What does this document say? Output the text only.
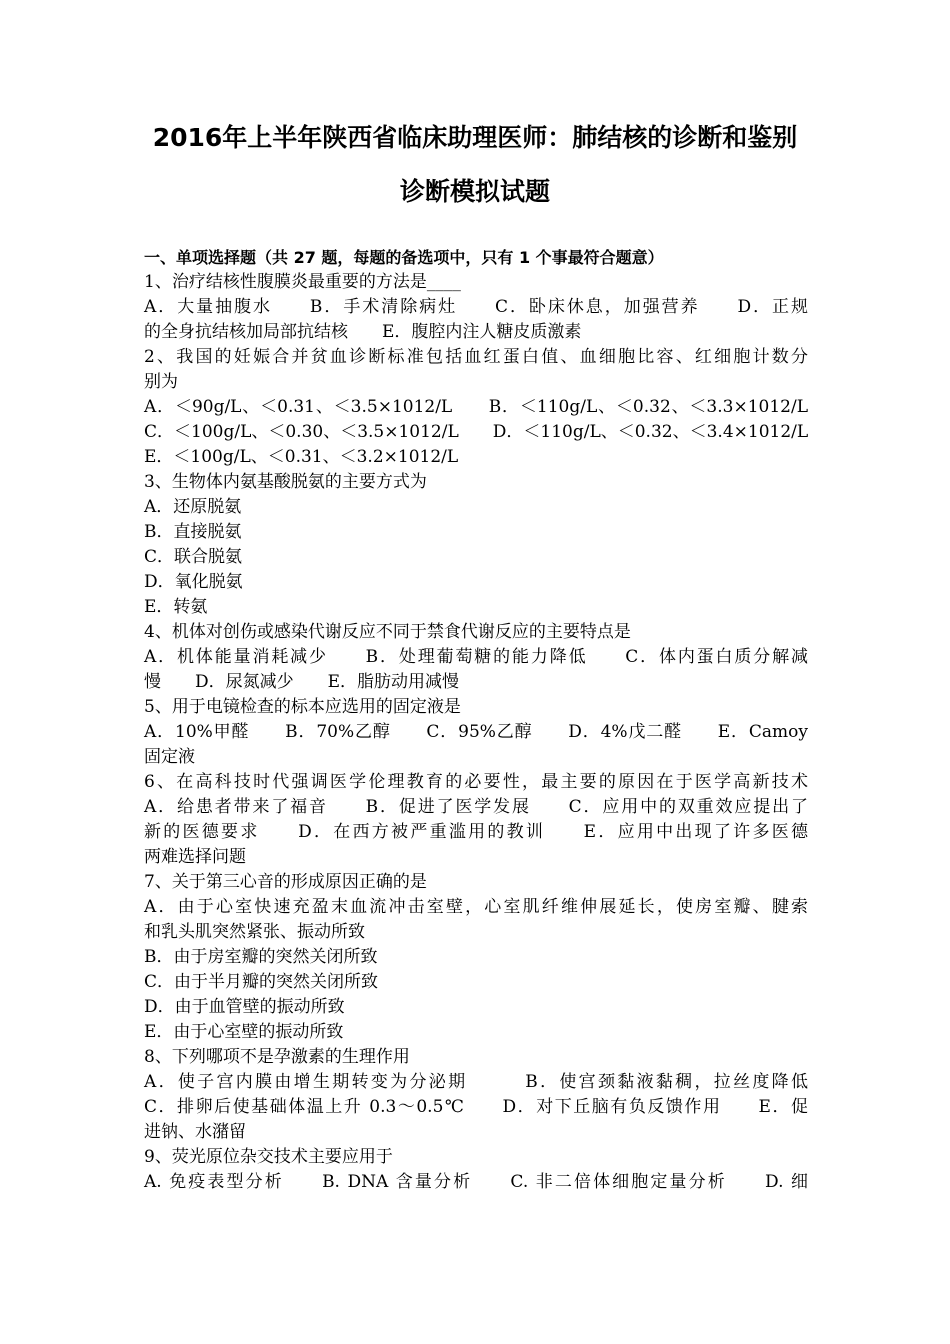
2016年上半年陕西省临床助理医师：肺结核的诊断和鉴别
诊断模拟试题
一、单项选择题（共 27 题，每题的备选项中，只有 1 个事最符合题意）
1、治疗结核性腹膜炎最重要的方法是____
A．大量抽腹水　　B．手术清除病灶　　C．卧床休息，加强营养　　D．正规
的全身抗结核加局部抗结核　　E．腹腔内注人糖皮质激素
2、我国的妊娠合并贫血诊断标准包括血红蛋白值、血细胞比容、红细胞计数分
别为
A．＜90g/L、＜0.31、＜3.5×1012/L　　B．＜110g/L、＜0.32、＜3.3×1012/L
C．＜100g/L、＜0.30、＜3.5×1012/L　　D．＜110g/L、＜0.32、＜3.4×1012/L
E．＜100g/L、＜0.31、＜3.2×1012/L
3、生物体内氨基酸脱氨的主要方式为
A．还原脱氨
B．直接脱氨
C．联合脱氨
D．氧化脱氨
E．转氨
4、机体对创伤或感染代谢反应不同于禁食代谢反应的主要特点是
A．机体能量消耗减少　　B．处理葡萄糖的能力降低　　C．体内蛋白质分解减
慢　　D．尿氮减少　　E．脂肪动用减慢
5、用于电镜检查的标本应选用的固定液是
A．10%甲醛　　B．70%乙醇　　C．95%乙醇　　D．4%戊二醛　　E．Camoy
固定液
6、在高科技时代强调医学伦理教育的必要性，最主要的原因在于医学高新技术
A．给患者带来了福音　　B．促进了医学发展　　C．应用中的双重效应提出了
新的医德要求　　D．在西方被严重滥用的教训　　E．应用中出现了许多医德
两难选择问题
7、关于第三心音的形成原因正确的是
A．由于心室快速充盈末血流冲击室壁，心室肌纤维伸展延长，使房室瓣、腱索
和乳头肌突然紧张、振动所致
B．由于房室瓣的突然关闭所致
C．由于半月瓣的突然关闭所致
D．由于血管壁的振动所致
E．由于心室壁的振动所致
8、下列哪项不是孕激素的生理作用
A．使子宫内膜由增生期转变为分泌期　　　B．使宫颈黏液黏稠，拉丝度降低
C．排卵后使基础体温上升 0.3～0.5℃　　D．对下丘脑有负反馈作用　　E．促
进钠、水潴留
9、荧光原位杂交技术主要应用于
A. 免疫表型分析　　B. DNA 含量分析　　C. 非二倍体细胞定量分析　　D. 细
